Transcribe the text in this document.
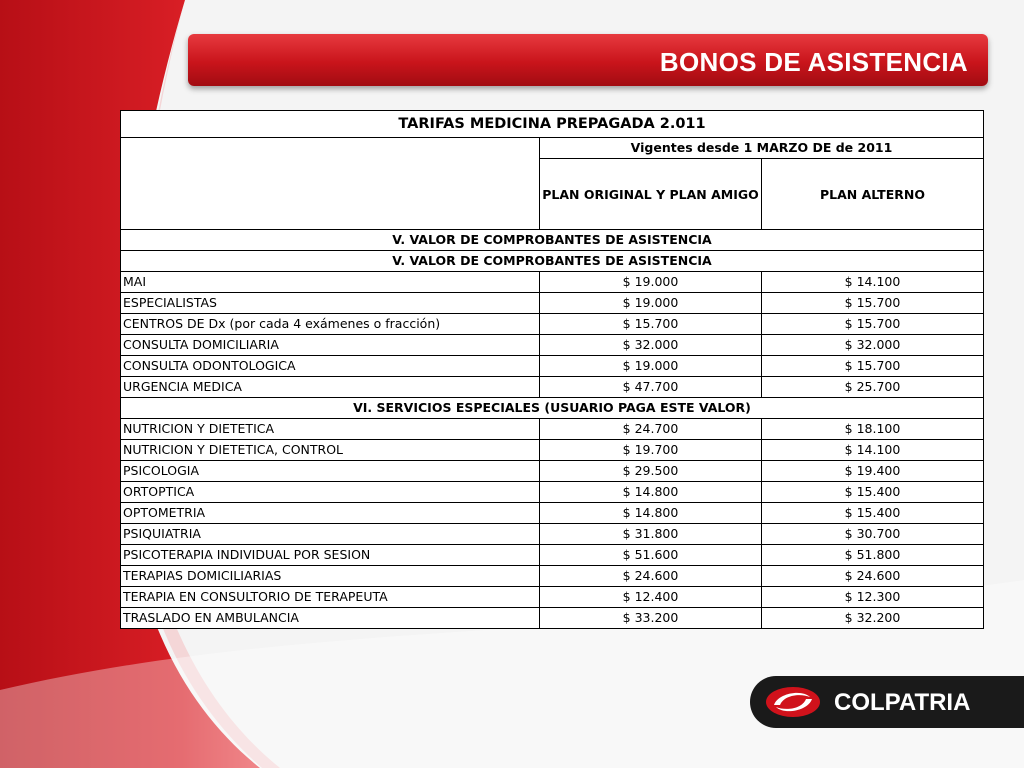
BONOS DE ASISTENCIA
TARIFAS MEDICINA PREPAGADA 2.011		
	Vigentes desde 1 MARZO DE de 2011	
	PLAN ORIGINAL Y PLAN AMIGO	PLAN ALTERNO
V. VALOR DE COMPROBANTES DE ASISTENCIA		
V. VALOR DE COMPROBANTES DE ASISTENCIA		
MAI	$ 19.000	$ 14.100
ESPECIALISTAS	$ 19.000	$ 15.700
CENTROS DE Dx (por cada 4 exámenes o fracción)	$ 15.700	$ 15.700
CONSULTA DOMICILIARIA	$ 32.000	$ 32.000
CONSULTA ODONTOLOGICA	$ 19.000	$ 15.700
URGENCIA MEDICA	$ 47.700	$ 25.700
VI. SERVICIOS ESPECIALES (USUARIO PAGA ESTE VALOR)		
NUTRICION Y DIETETICA	$ 24.700	$ 18.100
NUTRICION Y DIETETICA, CONTROL	$ 19.700	$ 14.100
PSICOLOGIA	$ 29.500	$ 19.400
ORTOPTICA	$ 14.800	$ 15.400
OPTOMETRIA	$ 14.800	$ 15.400
PSIQUIATRIA	$ 31.800	$ 30.700
PSICOTERAPIA INDIVIDUAL POR SESION	$ 51.600	$ 51.800
TERAPIAS DOMICILIARIAS	$ 24.600	$ 24.600
TERAPIA EN CONSULTORIO DE TERAPEUTA	$ 12.400	$ 12.300
TRASLADO EN AMBULANCIA	$ 33.200	$ 32.200
COLPATRIA
